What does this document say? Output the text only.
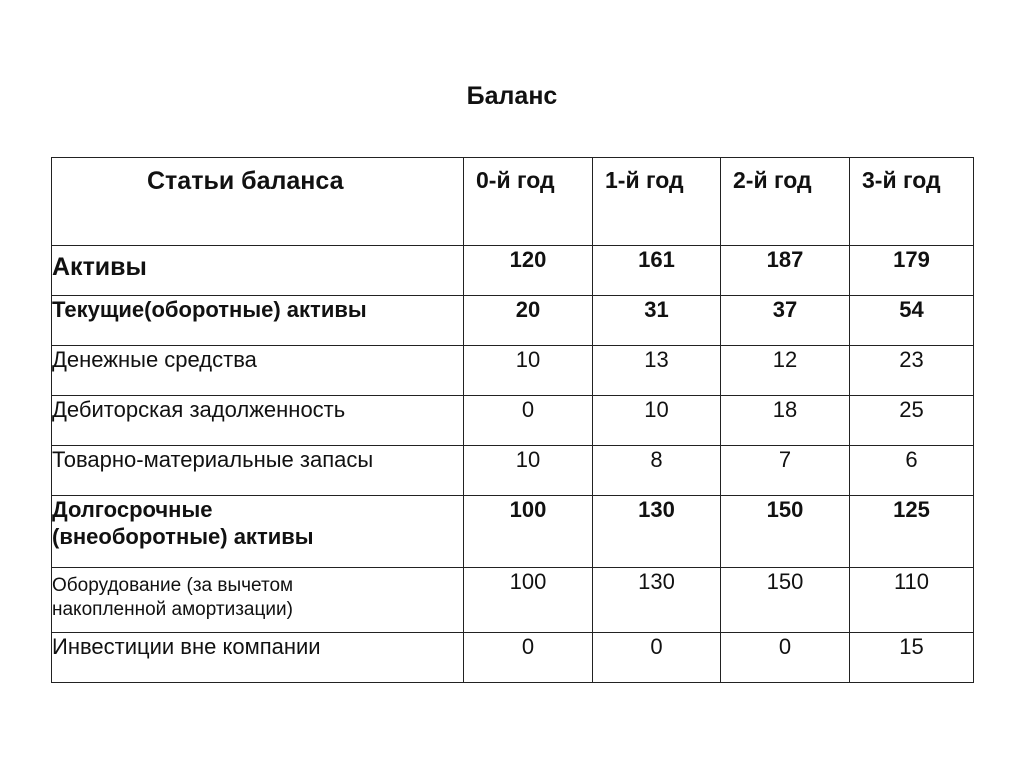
Баланс
Статьи баланса	0-й год	1-й год	2-й год	3-й год
Активы	120	161	187	179
Текущие(оборотные) активы	20	31	37	54
Денежные средства	10	13	12	23
Дебиторская задолженность	0	10	18	25
Товарно-материальные запасы	10	8	7	6

Долгосрочные
(внеоборотные) активы	100	130	150	125

Оборудование (за вычетом
накопленной амортизации)	100	130	150	110
Инвестиции вне компании	0	0	0	15
